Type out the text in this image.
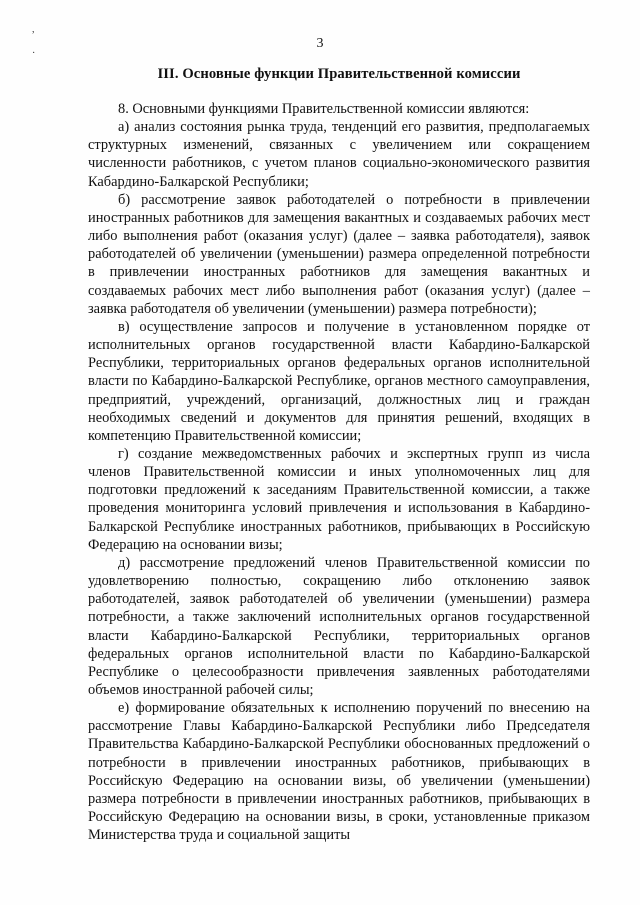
,
·
3
III. Основные функции Правительственной комиссии

8. Основными функциями Правительственной комиссии являются:

а) анализ состояния рынка труда, тенденций его развития, предполагаемых структурных изменений, связанных с увеличением или сокращением численности работников, с учетом планов социально-экономического развития Кабардино-Балкарской Республики;

б) рассмотрение заявок работодателей о потребности в привлечении иностранных работников для замещения вакантных и создаваемых рабочих мест либо выполнения работ (оказания услуг) (далее – заявка работодателя), заявок работодателей об увеличении (уменьшении) размера определенной потребности в привлечении иностранных работников для замещения вакантных и создаваемых рабочих мест либо выполнения работ (оказания услуг) (далее – заявка работодателя об увеличении (уменьшении) размера потребности);

в) осуществление запросов и получение в установленном порядке от исполнительных органов государственной власти Кабардино-Балкарской Республики, территориальных органов федеральных органов исполнительной власти по Кабардино-Балкарской Республике, органов местного самоуправления, предприятий, учреждений, организаций, должностных лиц и граждан необходимых сведений и документов для принятия решений, входящих в компетенцию Правительственной комиссии;

г) создание межведомственных рабочих и экспертных групп из числа членов Правительственной комиссии и иных уполномоченных лиц для подготовки предложений к заседаниям Правительственной комиссии, а также проведения мониторинга условий привлечения и использования в Кабардино-Балкарской Республике иностранных работников, прибывающих в Российскую Федерацию на основании визы;

д) рассмотрение предложений членов Правительственной комиссии по удовлетворению полностью, сокращению либо отклонению заявок работодателей, заявок работодателей об увеличении (уменьшении) размера потребности, а также заключений исполнительных органов государственной власти Кабардино-Балкарской Республики, территориальных органов федеральных органов исполнительной власти по Кабардино-Балкарской Республике о целесообразности привлечения заявленных работодателями объемов иностранной рабочей силы;

е) формирование обязательных к исполнению поручений по внесению на рассмотрение Главы Кабардино-Балкарской Республики либо Председателя Правительства Кабардино-Балкарской Республики обоснованных предложений о потребности в привлечении иностранных работников, прибывающих в Российскую Федерацию на основании визы, об увеличении (уменьшении) размера потребности в привлечении иностранных работников, прибывающих в Российскую Федерацию на основании визы, в сроки, установленные приказом Министерства труда и социальной защиты
